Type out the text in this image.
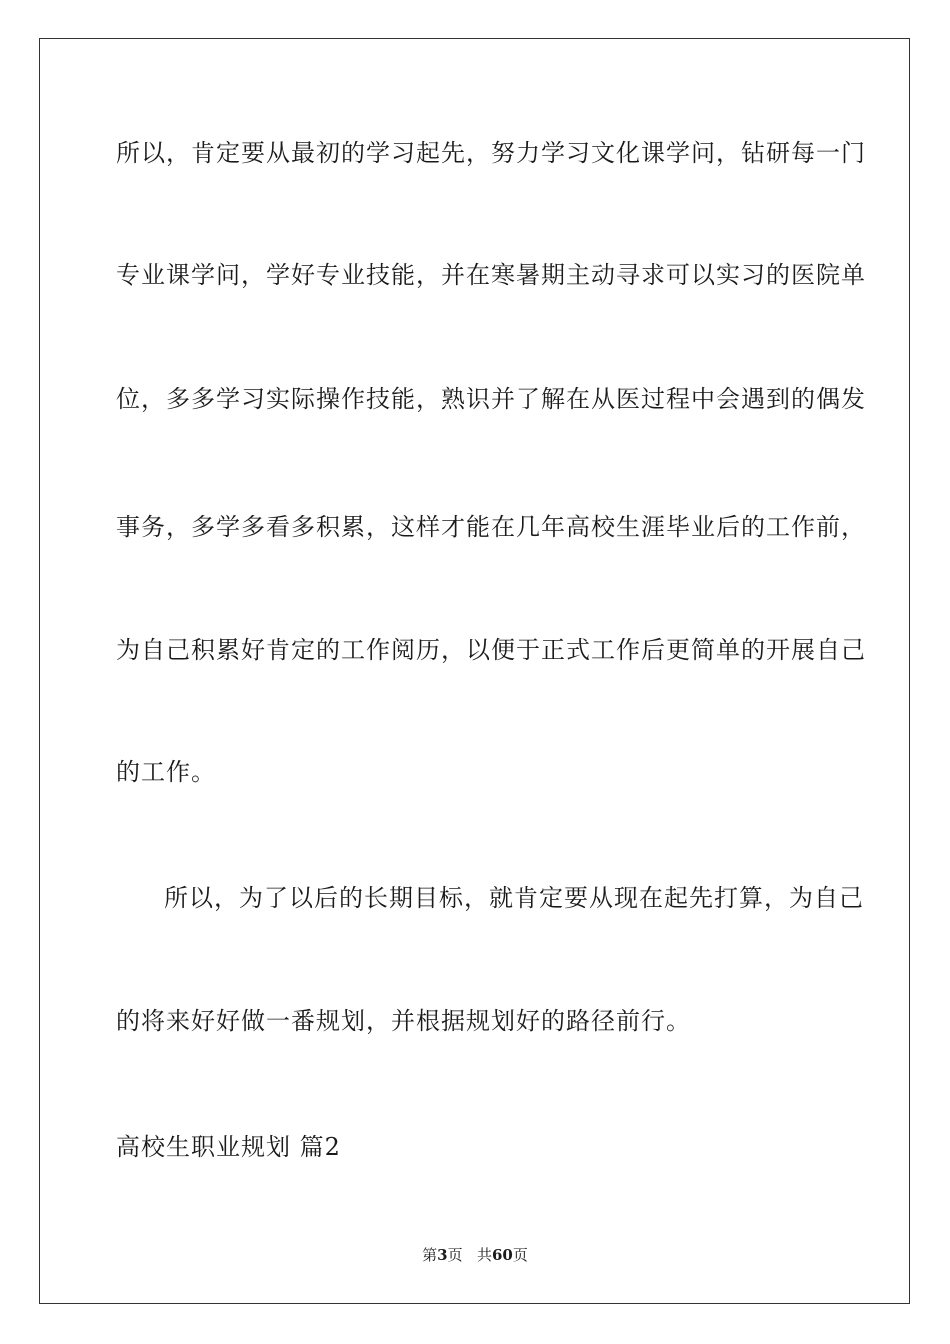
所以，肯定要从最初的学习起先，努力学习文化课学问，钻研每一门
专业课学问，学好专业技能，并在寒暑期主动寻求可以实习的医院单
位，多多学习实际操作技能，熟识并了解在从医过程中会遇到的偶发
事务，多学多看多积累，这样才能在几年高校生涯毕业后的工作前，
为自己积累好肯定的工作阅历，以便于正式工作后更简单的开展自己
的工作。
所以，为了以后的长期目标，就肯定要从现在起先打算，为自己
的将来好好做一番规划，并根据规划好的路径前行。
高校生职业规划 篇2
第3页 共60页
